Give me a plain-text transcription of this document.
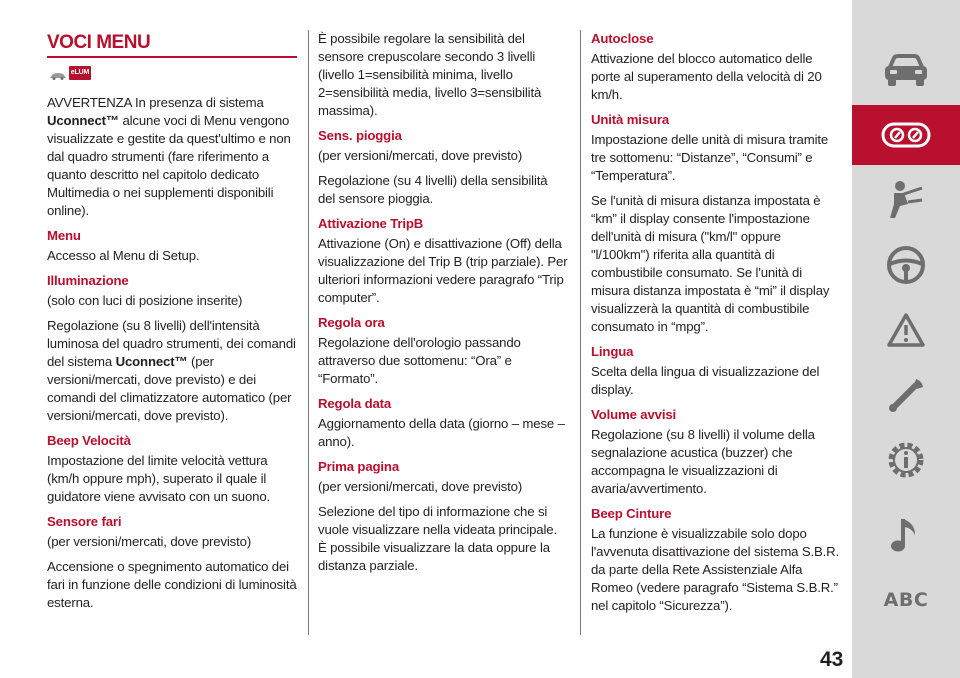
VOCI MENU
eLUM

AVVERTENZA In presenza di sistema
Uconnect™ alcune voci di Menu vengono visualizzate e gestite da quest'ultimo e non dal quadro strumenti (fare riferimento a quanto descritto nel capitolo dedicato Multimedia o nei supplementi disponibili online).

Menu

Accesso al Menu di Setup.

Illuminazione

(solo con luci di posizione inserite)

Regolazione (su 8 livelli) dell'intensità luminosa del quadro strumenti, dei comandi del sistema Uconnect™ (per versioni/mercati, dove previsto) e dei comandi del climatizzatore automatico (per versioni/mercati, dove previsto).

Beep Velocità

Impostazione del limite velocità vettura (km/h oppure mph), superato il quale il guidatore viene avvisato con un suono.

Sensore fari

(per versioni/mercati, dove previsto)

Accensione o spegnimento automatico dei fari in funzione delle condizioni di luminosità esterna.

È possibile regolare la sensibilità del sensore crepuscolare secondo 3 livelli (livello 1=sensibilità minima, livello 2=sensibilità media, livello 3=sensibilità massima).

Sens. pioggia

(per versioni/mercati, dove previsto)

Regolazione (su 4 livelli) della sensibilità del sensore pioggia.

Attivazione TripB

Attivazione (On) e disattivazione (Off) della visualizzazione del Trip B (trip parziale). Per ulteriori informazioni vedere paragrafo “Trip computer”.

Regola ora

Regolazione dell'orologio passando attraverso due sottomenu: “Ora” e “Formato”.

Regola data

Aggiornamento della data (giorno – mese – anno).

Prima pagina

(per versioni/mercati, dove previsto)

Selezione del tipo di informazione che si vuole visualizzare nella videata principale. È possibile visualizzare la data oppure la distanza parziale.

Autoclose

Attivazione del blocco automatico delle porte al superamento della velocità di 20 km/h.

Unità misura

Impostazione delle unità di misura tramite tre sottomenu: “Distanze”, “Consumi” e “Temperatura”.

Se l'unità di misura distanza impostata è “km” il display consente l'impostazione dell'unità di misura ("km/l" oppure "l/100km") riferita alla quantità di combustibile consumato. Se l'unità di misura distanza impostata è “mi” il display visualizzerà la quantità di combustibile consumato in “mpg”.

Lingua

Scelta della lingua di visualizzazione del display.

Volume avvisi

Regolazione (su 8 livelli) il volume della segnalazione acustica (buzzer) che accompagna le visualizzazioni di avaria/avvertimento.

Beep Cinture

La funzione è visualizzabile solo dopo l'avvenuta disattivazione del sistema S.B.R. da parte della Rete Assistenziale Alfa Romeo (vedere paragrafo “Sistema S.B.R.” nel capitolo “Sicurezza”).	ABC
43
